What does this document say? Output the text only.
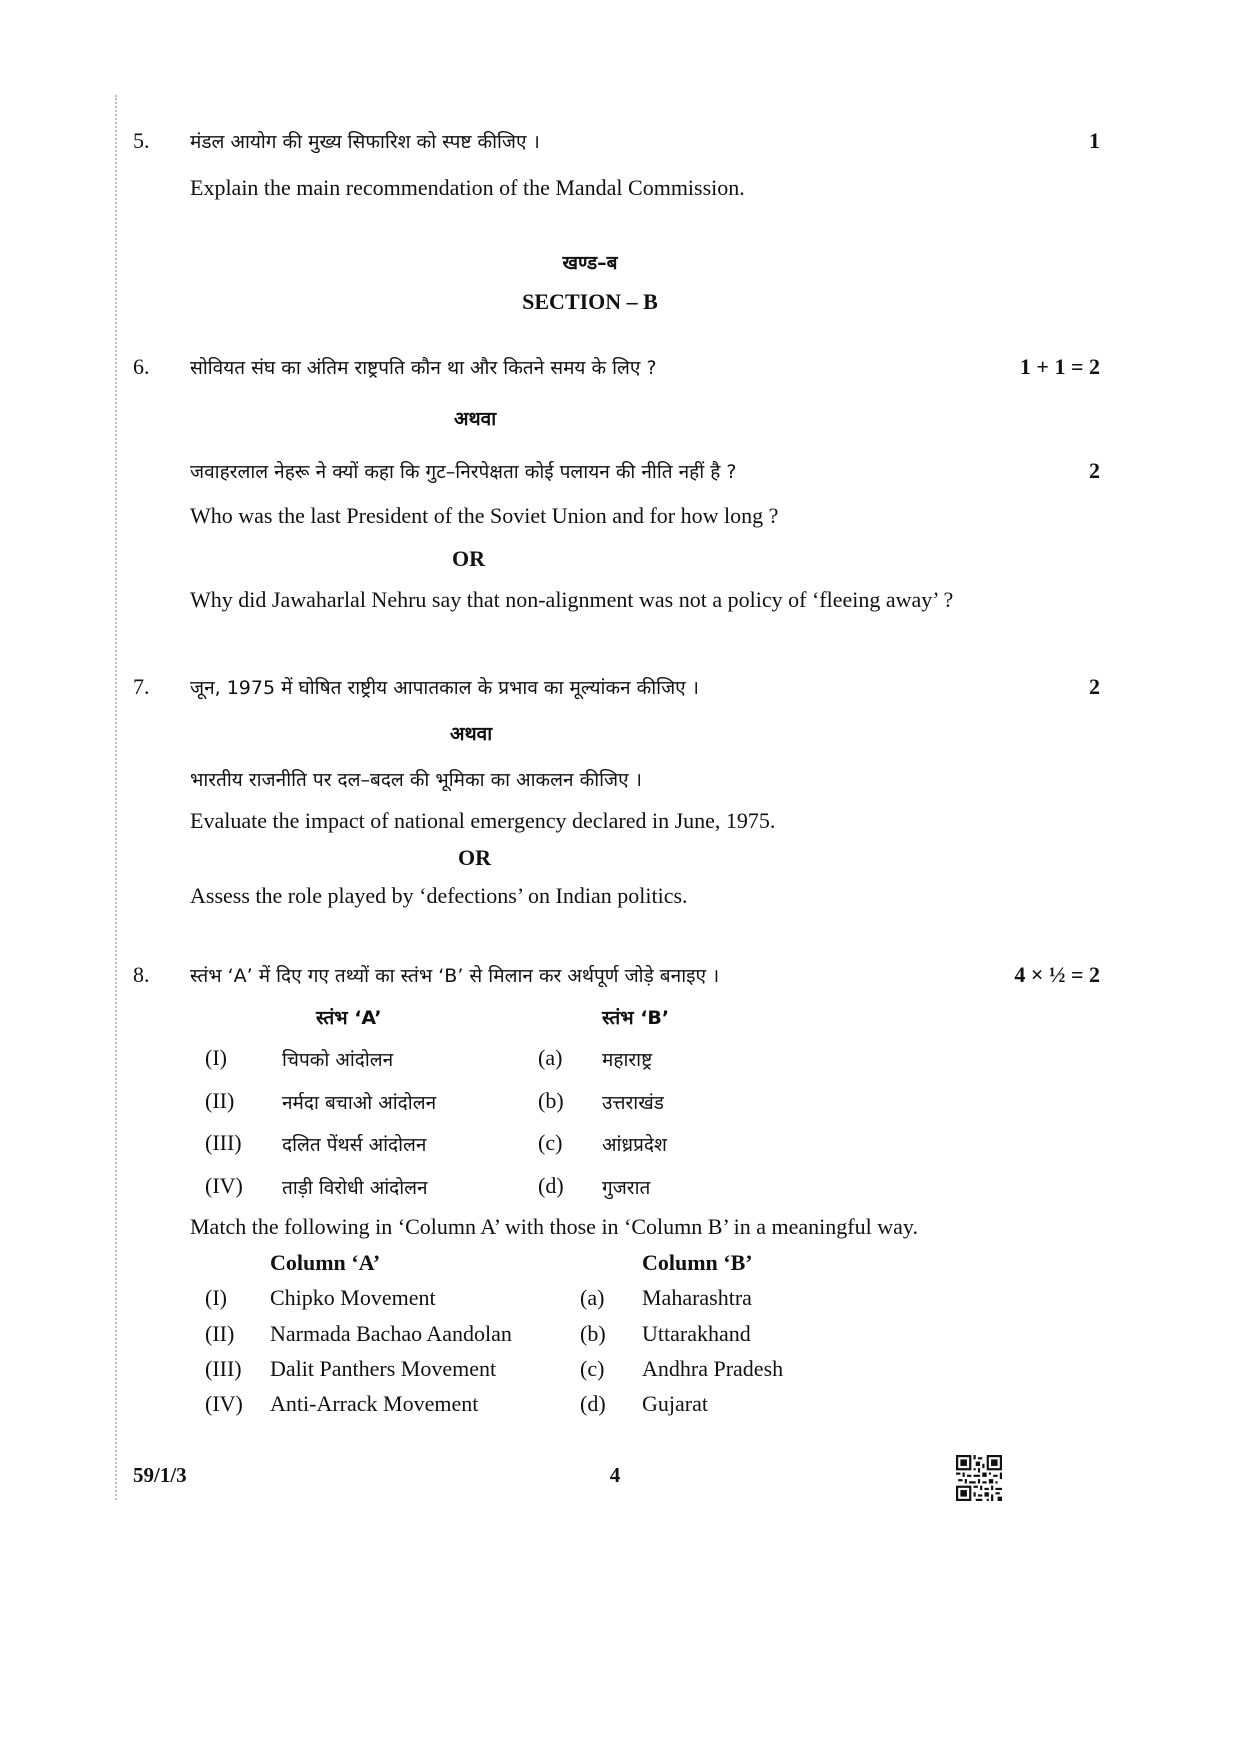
5. मंडल आयोग की मुख्य सिफारिश को स्पष्ट कीजिए ।	1
Explain the main recommendation of the Mandal Commission.
खण्ड–ब
SECTION – B
6. सोवियत संघ का अंतिम राष्ट्रपति कौन था और कितने समय के लिए ?	1 + 1 = 2
अथवा
जवाहरलाल नेहरू ने क्यों कहा कि गुट–निरपेक्षता कोई पलायन की नीति नहीं है ?	2
Who was the last President of the Soviet Union and for how long ?
OR
Why did Jawaharlal Nehru say that non-alignment was not a policy of ‘fleeing away’ ?
7. जून, 1975 में घोषित राष्ट्रीय आपातकाल के प्रभाव का मूल्यांकन कीजिए ।	2
अथवा
भारतीय राजनीति पर दल–बदल की भूमिका का आकलन कीजिए ।
Evaluate the impact of national emergency declared in June, 1975.
OR
Assess the role played by ‘defections’ on Indian politics.
8. स्तंभ ‘A’ में दिए गए तथ्यों का स्तंभ ‘B’ से मिलान कर अर्थपूर्ण जोड़े बनाइए ।	4 × ½ = 2
स्तंभ ‘A’	स्तंभ ‘B’
(I)	चिपको आंदोलन	(a) महाराष्ट्र
(II)	नर्मदा बचाओ आंदोलन	(b) उत्तराखंड
(III) दलित पेंथर्स आंदोलन	(c) आंध्रप्रदेश
(IV) ताड़ी विरोधी आंदोलन	(d) गुजरात
Match the following in ‘Column A’ with those in ‘Column B’ in a meaningful way.
Column ‘A’	Column ‘B’
(I) Chipko Movement	(a) Maharashtra
(II) Narmada Bachao Aandolan	(b) Uttarakhand
(III) Dalit Panthers Movement	(c) Andhra Pradesh
(IV) Anti-Arrack Movement	(d) Gujarat
59/1/3	4
